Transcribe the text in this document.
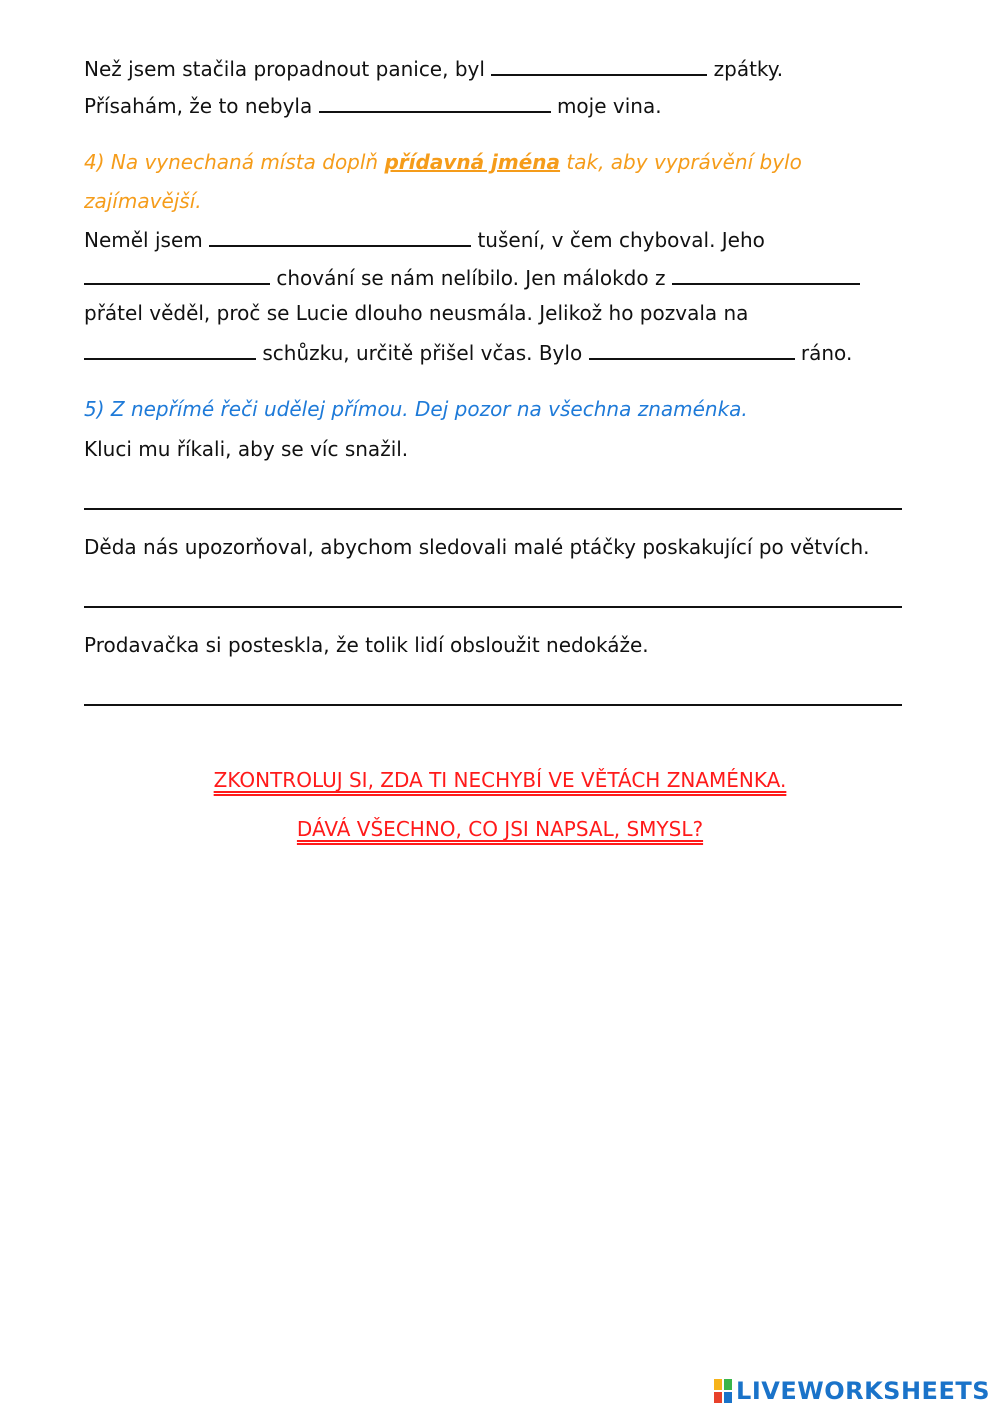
Než jsem stačila propadnout panice, byl	zpátky.
Přísahám, že to nebyla	moje vina.
4) Na vynechaná místa doplň přídavná jména tak, aby vyprávění bylo
zajímavější.
Neměl jsem	tušení, v čem chyboval. Jeho
chování se nám nelíbilo. Jen málokdo z
přátel věděl, proč se Lucie dlouho neusmála. Jelikož ho pozvala na
schůzku, určitě přišel včas. Bylo	ráno.
5) Z nepřímé řeči udělej přímou. Dej pozor na všechna znaménka.
Kluci mu říkali, aby se víc snažil.
Děda nás upozorňoval, abychom sledovali malé ptáčky poskakující po větvích.
Prodavačka si posteskla, že tolik lidí obsloužit nedokáže.
ZKONTROLUJ SI, ZDA TI NECHYBÍ VE VĚTÁCH ZNAMÉNKA.
DÁVÁ VŠECHNO, CO JSI NAPSAL, SMYSL?
LIVEWORKSHEETS
